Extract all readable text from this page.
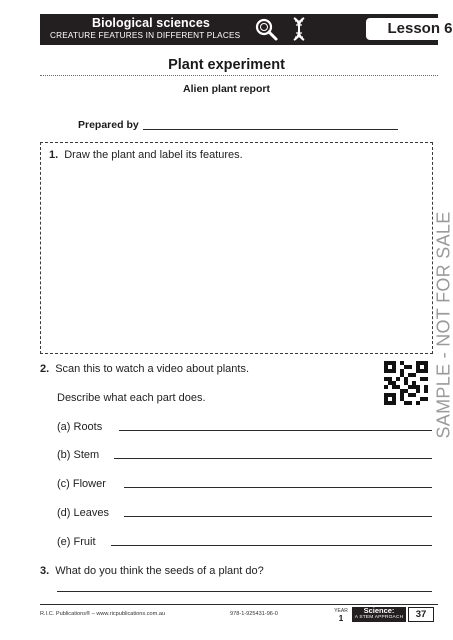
Biological sciences
CREATURE FEATURES IN DIFFERENT PLACES	Lesson 6
Plant experiment
Alien plant report
Prepared by
1. Draw the plant and label its features.
2. Scan this to watch a video about plants.
Describe what each part does.
(a) Roots
(b) Stem
(c) Flower
(d) Leaves
(e) Fruit
3. What do you think the seeds of a plant do?
SAMPLE - NOT FOR SALE
R.I.C. Publications® – www.ricpublications.com.au	978-1-925431-96-0	YEAR
1
Science:
A STEM APPROACH	37
